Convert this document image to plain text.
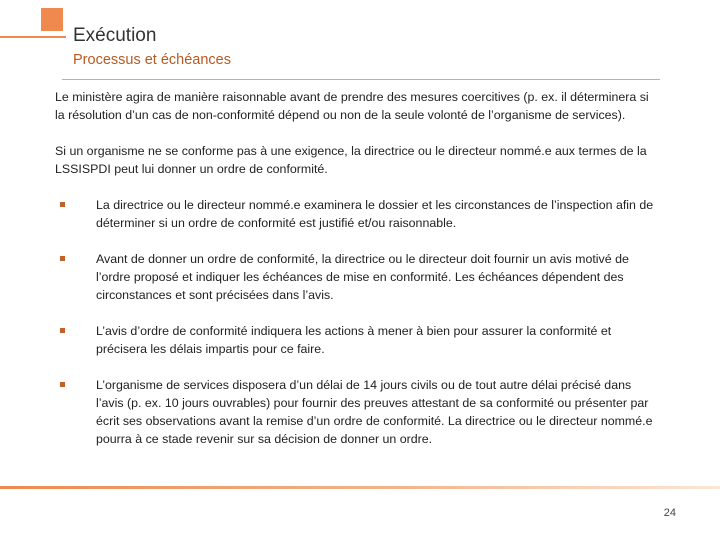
Exécution
Processus et échéances

Le ministère agira de manière raisonnable avant de prendre des mesures coercitives (p. ex. il déterminera si la résolution d’un cas de non-conformité dépend ou non de la seule volonté de l’organisme de services).

Si un organisme ne se conforme pas à une exigence, la directrice ou le directeur nommé.e aux termes de la LSSISPDI peut lui donner un ordre de conformité.

La directrice ou le directeur nommé.e examinera le dossier et les circonstances de l’inspection afin de déterminer si un ordre de conformité est justifié et/ou raisonnable.
Avant de donner un ordre de conformité, la directrice ou le directeur doit fournir un avis motivé de l’ordre proposé et indiquer les échéances de mise en conformité. Les échéances dépendent des circonstances et sont précisées dans l’avis.
L’avis d’ordre de conformité indiquera les actions à mener à bien pour assurer la conformité et précisera les délais impartis pour ce faire.
L’organisme de services disposera d’un délai de 14 jours civils ou de tout autre délai précisé dans l’avis (p. ex. 10 jours ouvrables) pour fournir des preuves attestant de sa conformité ou présenter par écrit ses observations avant la remise d’un ordre de conformité. La directrice ou le directeur nommé.e pourra à ce stade revenir sur sa décision de donner un ordre.
24
